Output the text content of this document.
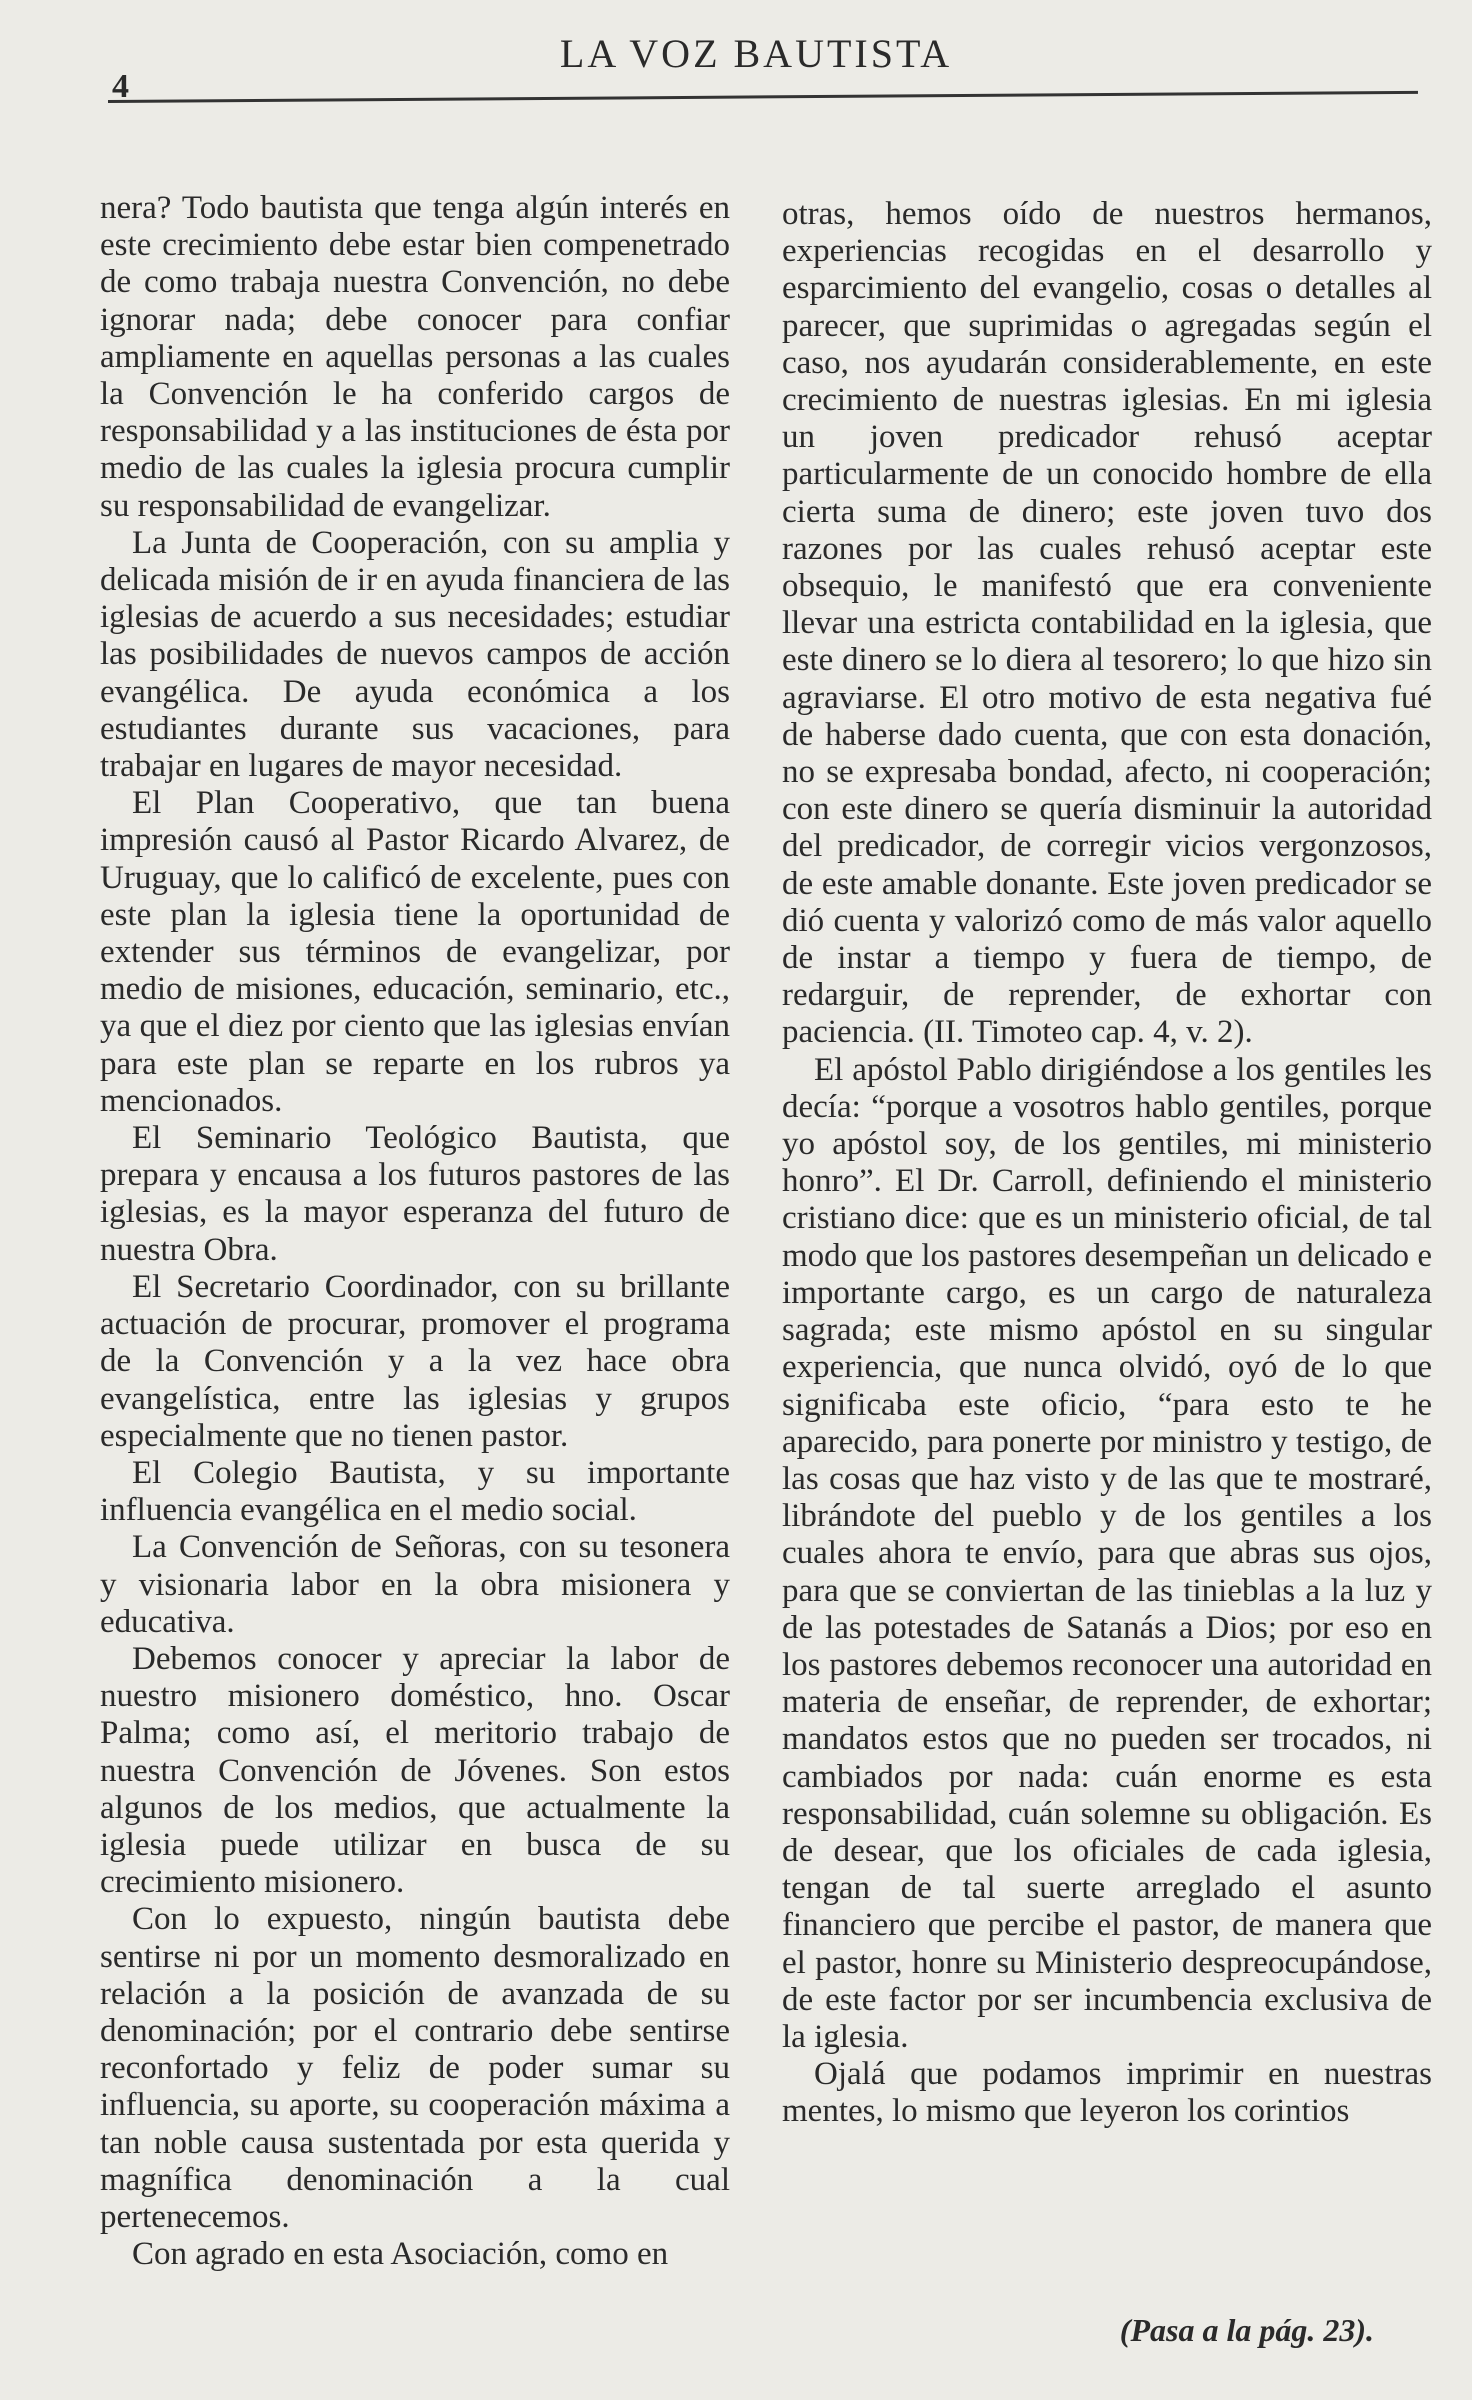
4
LA VOZ BAUTISTA

nera? Todo bautista que tenga algún interés en este crecimiento debe estar bien compenetrado de como trabaja nuestra Convención, no debe ignorar nada; debe conocer para confiar ampliamente en aquellas personas a las cuales la Convención le ha conferido cargos de responsabilidad y a las instituciones de ésta por medio de las cuales la iglesia procura cumplir su responsabilidad de evangelizar.

La Junta de Cooperación, con su amplia y delicada misión de ir en ayuda financiera de las iglesias de acuerdo a sus necesidades; estudiar las posibilidades de nuevos campos de acción evangélica. De ayuda económica a los estudiantes durante sus vacaciones, para trabajar en lugares de mayor necesidad.

El Plan Cooperativo, que tan buena impresión causó al Pastor Ricardo Alvarez, de Uruguay, que lo calificó de excelente, pues con este plan la iglesia tiene la oportunidad de extender sus términos de evangelizar, por medio de misiones, educación, seminario, etc., ya que el diez por ciento que las iglesias envían para este plan se reparte en los rubros ya mencionados.

El Seminario Teológico Bautista, que prepara y encausa a los futuros pastores de las iglesias, es la mayor esperanza del futuro de nuestra Obra.

El Secretario Coordinador, con su brillante actuación de procurar, promover el programa de la Convención y a la vez hace obra evangelística, entre las iglesias y grupos especialmente que no tienen pastor.

El Colegio Bautista, y su importante influencia evangélica en el medio social.

La Convención de Señoras, con su tesonera y visionaria labor en la obra misionera y educativa.

Debemos conocer y apreciar la labor de nuestro misionero doméstico, hno. Oscar Palma; como así, el meritorio trabajo de nuestra Convención de Jóvenes. Son estos algunos de los medios, que actualmente la iglesia puede utilizar en busca de su crecimiento misionero.

Con lo expuesto, ningún bautista debe sentirse ni por un momento desmoralizado en relación a la posición de avanzada de su denominación; por el contrario debe sentirse reconfortado y feliz de poder sumar su influencia, su aporte, su cooperación máxima a tan noble causa sustentada por esta querida y magnífica denominación a la cual pertenecemos.

Con agrado en esta Asociación, como en

otras, hemos oído de nuestros hermanos, experiencias recogidas en el desarrollo y esparcimiento del evangelio, cosas o detalles al parecer, que suprimidas o agregadas según el caso, nos ayudarán considerablemente, en este crecimiento de nuestras iglesias. En mi iglesia un joven predicador rehusó aceptar particularmente de un conocido hombre de ella cierta suma de dinero; este joven tuvo dos razones por las cuales rehusó aceptar este obsequio, le manifestó que era conveniente llevar una estricta contabilidad en la iglesia, que este dinero se lo diera al tesorero; lo que hizo sin agraviarse. El otro motivo de esta negativa fué de haberse dado cuenta, que con esta donación, no se expresaba bondad, afecto, ni cooperación; con este dinero se quería disminuir la autoridad del predicador, de corregir vicios vergonzosos, de este amable donante. Este joven predicador se dió cuenta y valorizó como de más valor aquello de instar a tiempo y fuera de tiempo, de redarguir, de reprender, de exhortar con paciencia. (II. Timoteo cap. 4, v. 2).

El apóstol Pablo dirigiéndose a los gentiles les decía: “porque a vosotros hablo gentiles, porque yo apóstol soy, de los gentiles, mi ministerio honro”. El Dr. Carroll, definiendo el ministerio cristiano dice: que es un ministerio oficial, de tal modo que los pastores desempeñan un delicado e importante cargo, es un cargo de naturaleza sagrada; este mismo apóstol en su singular experiencia, que nunca olvidó, oyó de lo que significaba este oficio, “para esto te he aparecido, para ponerte por ministro y testigo, de las cosas que haz visto y de las que te mostraré, librándote del pueblo y de los gentiles a los cuales ahora te envío, para que abras sus ojos, para que se conviertan de las tinieblas a la luz y de las potestades de Satanás a Dios; por eso en los pastores debemos reconocer una autoridad en materia de enseñar, de reprender, de exhortar; mandatos estos que no pueden ser trocados, ni cambiados por nada: cuán enorme es esta responsabilidad, cuán solemne su obligación. Es de desear, que los oficiales de cada iglesia, tengan de tal suerte arreglado el asunto financiero que percibe el pastor, de manera que el pastor, honre su Ministerio despreocupándose, de este factor por ser incumbencia exclusiva de la iglesia.

Ojalá que podamos imprimir en nuestras mentes, lo mismo que leyeron los corintios

(Pasa a la pág. 23).
